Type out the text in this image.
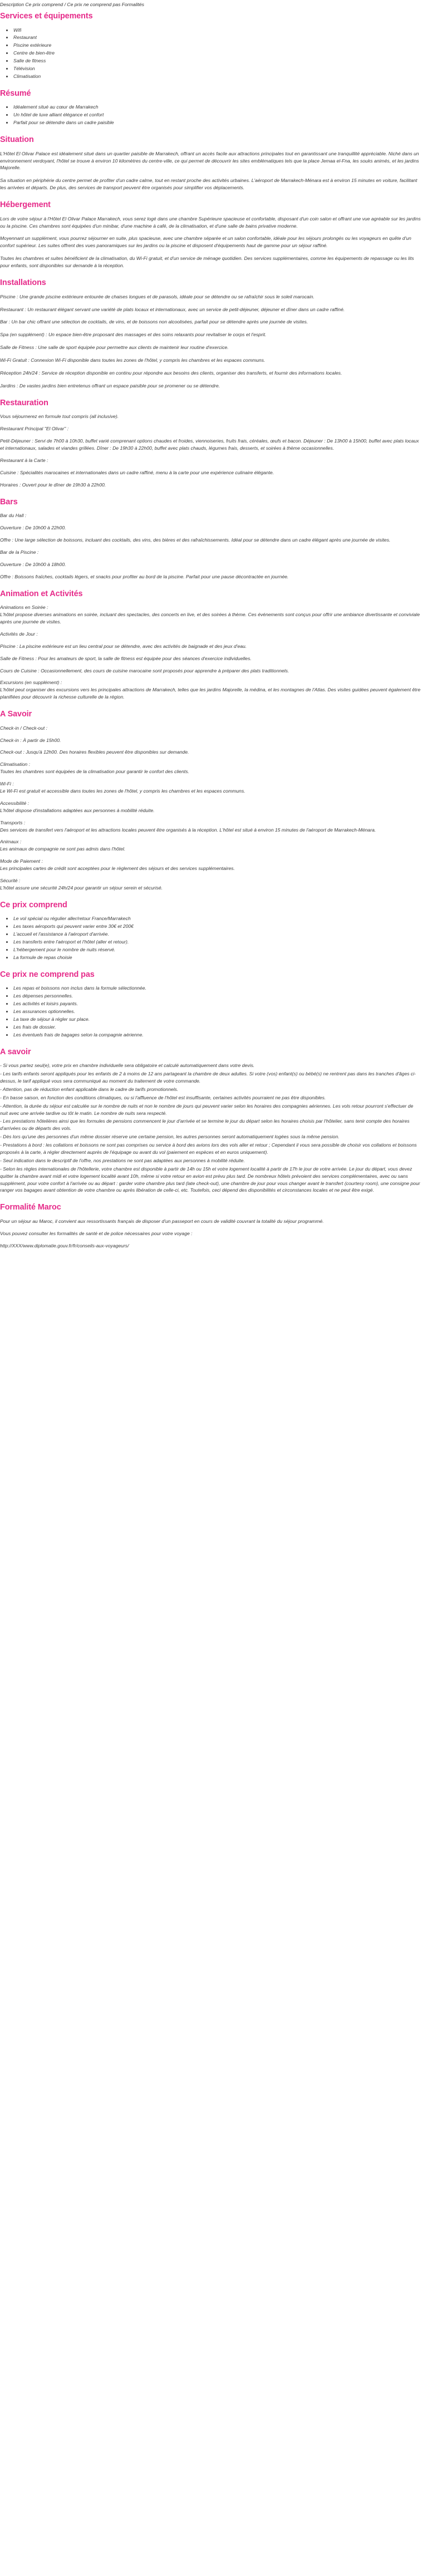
Description Ce prix comprend / Ce prix ne comprend pas Formalités
Services et équipements
• Wifi
• Restaurant
• Piscine extérieure
• Centre de bien-être
• Salle de fitness
• Télévision
• Climatisation
Résumé
• Idéalement situé au cœur de Marrakech
• Un hôtel de luxe alliant élégance et confort
• Parfait pour se détendre dans un cadre paisible
Situation

L'Hôtel El Olivar Palace est idéalement situé dans un quartier paisible de Marrakech, offrant un accès facile aux attractions principales tout en garantissant une tranquillité appréciable. Niché dans un environnement verdoyant, l'hôtel se trouve à environ 10 kilomètres du centre-ville, ce qui permet de découvrir les sites emblématiques tels que la place Jemaa el-Fna, les souks animés, et les jardins Majorelle.

Sa situation en périphérie du centre permet de profiter d'un cadre calme, tout en restant proche des activités urbaines. L'aéroport de Marrakech-Ménara est à environ 15 minutes en voiture, facilitant les arrivées et départs. De plus, des services de transport peuvent être organisés pour simplifier vos déplacements.

Hébergement

Lors de votre séjour à l'Hôtel El Olivar Palace Marrakech, vous serez logé dans une chambre Supérieure spacieuse et confortable, disposant d'un coin salon et offrant une vue agréable sur les jardins ou la piscine. Ces chambres sont équipées d'un minibar, d'une machine à café, de la climatisation, et d'une salle de bains privative moderne.

Moyennant un supplément, vous pourrez séjourner en suite, plus spacieuse, avec une chambre séparée et un salon confortable, idéale pour les séjours prolongés ou les voyageurs en quête d'un confort supérieur. Les suites offrent des vues panoramiques sur les jardins ou la piscine et disposent d'équipements haut de gamme pour un séjour raffiné.

Toutes les chambres et suites bénéficient de la climatisation, du Wi-Fi gratuit, et d'un service de ménage quotidien. Des services supplémentaires, comme les équipements de repassage ou les lits pour enfants, sont disponibles sur demande à la réception.

Installations

Piscine : Une grande piscine extérieure entourée de chaises longues et de parasols, idéale pour se détendre ou se rafraîchir sous le soleil marocain.

Restaurant : Un restaurant élégant servant une variété de plats locaux et internationaux, avec un service de petit-déjeuner, déjeuner et dîner dans un cadre raffiné.

Bar : Un bar chic offrant une sélection de cocktails, de vins, et de boissons non alcoolisées, parfait pour se détendre après une journée de visites.

Spa (en supplément) : Un espace bien-être proposant des massages et des soins relaxants pour revitaliser le corps et l'esprit.

Salle de Fitness : Une salle de sport équipée pour permettre aux clients de maintenir leur routine d'exercice.

Wi-Fi Gratuit : Connexion Wi-Fi disponible dans toutes les zones de l'hôtel, y compris les chambres et les espaces communs.

Réception 24h/24 : Service de réception disponible en continu pour répondre aux besoins des clients, organiser des transferts, et fournir des informations locales.

Jardins : De vastes jardins bien entretenus offrant un espace paisible pour se promener ou se détendre.

Restauration

Vous séjournerez en formule tout compris (all inclusive).

Restaurant Principal "El Olivar" :

Petit-Déjeuner : Servi de 7h00 à 10h30, buffet varié comprenant options chaudes et froides, viennoiseries, fruits frais, céréales, œufs et bacon. Déjeuner : De 13h00 à 15h00, buffet avec plats locaux et internationaux, salades et viandes grillées. Dîner : De 19h30 à 22h00, buffet avec plats chauds, légumes frais, desserts, et soirées à thème occasionnelles.

Restaurant à la Carte :

Cuisine : Spécialités marocaines et internationales dans un cadre raffiné, menu à la carte pour une expérience culinaire élégante.

Horaires : Ouvert pour le dîner de 19h30 à 22h00.

Bars

Bar du Hall :

Ouverture : De 10h00 à 22h00.

Offre : Une large sélection de boissons, incluant des cocktails, des vins, des bières et des rafraîchissements. Idéal pour se détendre dans un cadre élégant après une journée de visites.

Bar de la Piscine :

Ouverture : De 10h00 à 18h00.

Offre : Boissons fraîches, cocktails légers, et snacks pour profiter au bord de la piscine. Parfait pour une pause décontractée en journée.

Animation et Activités

Animations en Soirée :
L'hôtel propose diverses animations en soirée, incluant des spectacles, des concerts en live, et des soirées à thème. Ces événements sont conçus pour offrir une ambiance divertissante et conviviale après une journée de visites.

Activités de Jour :

Piscine : La piscine extérieure est un lieu central pour se détendre, avec des activités de baignade et des jeux d'eau.

Salle de Fitness : Pour les amateurs de sport, la salle de fitness est équipée pour des séances d'exercice individuelles.

Cours de Cuisine : Occasionnellement, des cours de cuisine marocaine sont proposés pour apprendre à préparer des plats traditionnels.

Excursions (en supplément) :
L'hôtel peut organiser des excursions vers les principales attractions de Marrakech, telles que les jardins Majorelle, la médina, et les montagnes de l'Atlas. Des visites guidées peuvent également être planifiées pour découvrir la richesse culturelle de la région.

A Savoir

Check-in / Check-out :

Check-in : À partir de 15h00.

Check-out : Jusqu'à 12h00. Des horaires flexibles peuvent être disponibles sur demande.

Climatisation :
Toutes les chambres sont équipées de la climatisation pour garantir le confort des clients.

Wi-Fi :
Le Wi-Fi est gratuit et accessible dans toutes les zones de l'hôtel, y compris les chambres et les espaces communs.

Accessibilité :
L'hôtel dispose d'installations adaptées aux personnes à mobilité réduite.

Transports :
Des services de transfert vers l'aéroport et les attractions locales peuvent être organisés à la réception. L'hôtel est situé à environ 15 minutes de l'aéroport de Marrakech-Ménara.

Animaux :
Les animaux de compagnie ne sont pas admis dans l'hôtel.

Mode de Paiement :
Les principales cartes de crédit sont acceptées pour le règlement des séjours et des services supplémentaires.

Sécurité :
L'hôtel assure une sécurité 24h/24 pour garantir un séjour serein et sécurisé.

Ce prix comprend
• Le vol spécial ou régulier aller/retour France/Marrakech
• Les taxes aéroports qui peuvent varier entre 30€ et 200€
• L'accueil et l'assistance à l'aéroport d'arrivée.
• Les transferts entre l'aéroport et l'hôtel (aller et retour).
• L'hébergement pour le nombre de nuits réservé.
• La formule de repas choisie
Ce prix ne comprend pas
• Les repas et boissons non inclus dans la formule sélectionnée.
• Les dépenses personnelles.
• Les activités et loisirs payants.
• Les assurances optionnelles.
• La taxe de séjour à régler sur place.
• Les frais de dossier.
• Les éventuels frais de bagages selon la compagnie aérienne.
A savoir

- Si vous partez seul(e), votre prix en chambre individuelle sera obligatoire et calculé automatiquement dans votre devis.

- Les tarifs enfants seront appliqués pour les enfants de 2 à moins de 12 ans partageant la chambre de deux adultes. Si votre (vos) enfant(s) ou bébé(s) ne rentrent pas dans les tranches d'âges ci-dessus, le tarif appliqué vous sera communiqué au moment du traitement de votre commande.

- Attention, pas de réduction enfant applicable dans le cadre de tarifs promotionnels.

- En basse saison, en fonction des conditions climatiques, ou si l'affluence de l'hôtel est insuffisante, certaines activités pourraient ne pas être disponibles.

- Attention, la durée du séjour est calculée sur le nombre de nuits et non le nombre de jours qui peuvent varier selon les horaires des compagnies aériennes. Les vols retour pourront s'effectuer de nuit avec une arrivée tardive ou tôt le matin. Le nombre de nuits sera respecté.

- Les prestations hôtelières ainsi que les formules de pensions commencent le jour d'arrivée et se termine le jour du départ selon les horaires choisis par l'hôtelier, sans tenir compte des horaires d'arrivées ou de départs des vols.

- Dès lors qu'une des personnes d'un même dossier réserve une certaine pension, les autres personnes seront automatiquement logées sous la même pension.

- Prestations à bord : les collations et boissons ne sont pas comprises ou service à bord des avions lors des vols aller et retour ; Cependant il vous sera possible de choisir vos collations et boissons proposés à la carte, à régler directement auprès de l'équipage ou avant du vol (paiement en espèces et en euros uniquement).

- Seul indication dans le descriptif de l'offre, nos prestations ne sont pas adaptées aux personnes à mobilité réduite.

- Selon les règles internationales de l'hôtellerie, votre chambre est disponible à partir de 14h ou 15h et votre logement localité à partir de 17h le jour de votre arrivée. Le jour du départ, vous devez quitter la chambre avant midi et votre logement localité avant 10h, même si votre retour en avion est prévu plus tard. De nombreux hôtels prévoient des services complémentaires, avec ou sans supplément, pour votre confort à l'arrivée ou au départ : garder votre chambre plus tard (late check-out), une chambre de jour pour vous changer avant le transfert (courtesy room), une consigne pour ranger vos bagages avant obtention de votre chambre ou après libération de celle-ci, etc. Toutefois, ceci dépend des disponibilités et circonstances locales et ne peut être exigé.

Formalité Maroc

Pour un séjour au Maroc, il convient aux ressortissants français de disposer d'un passeport en cours de validité couvrant la totalité du séjour programmé.

Vous pouvez consulter les formalités de santé et de police nécessaires pour votre voyage :

http://XXX/www.diplomatie.gouv.fr/fr/conseils-aux-voyageurs/
